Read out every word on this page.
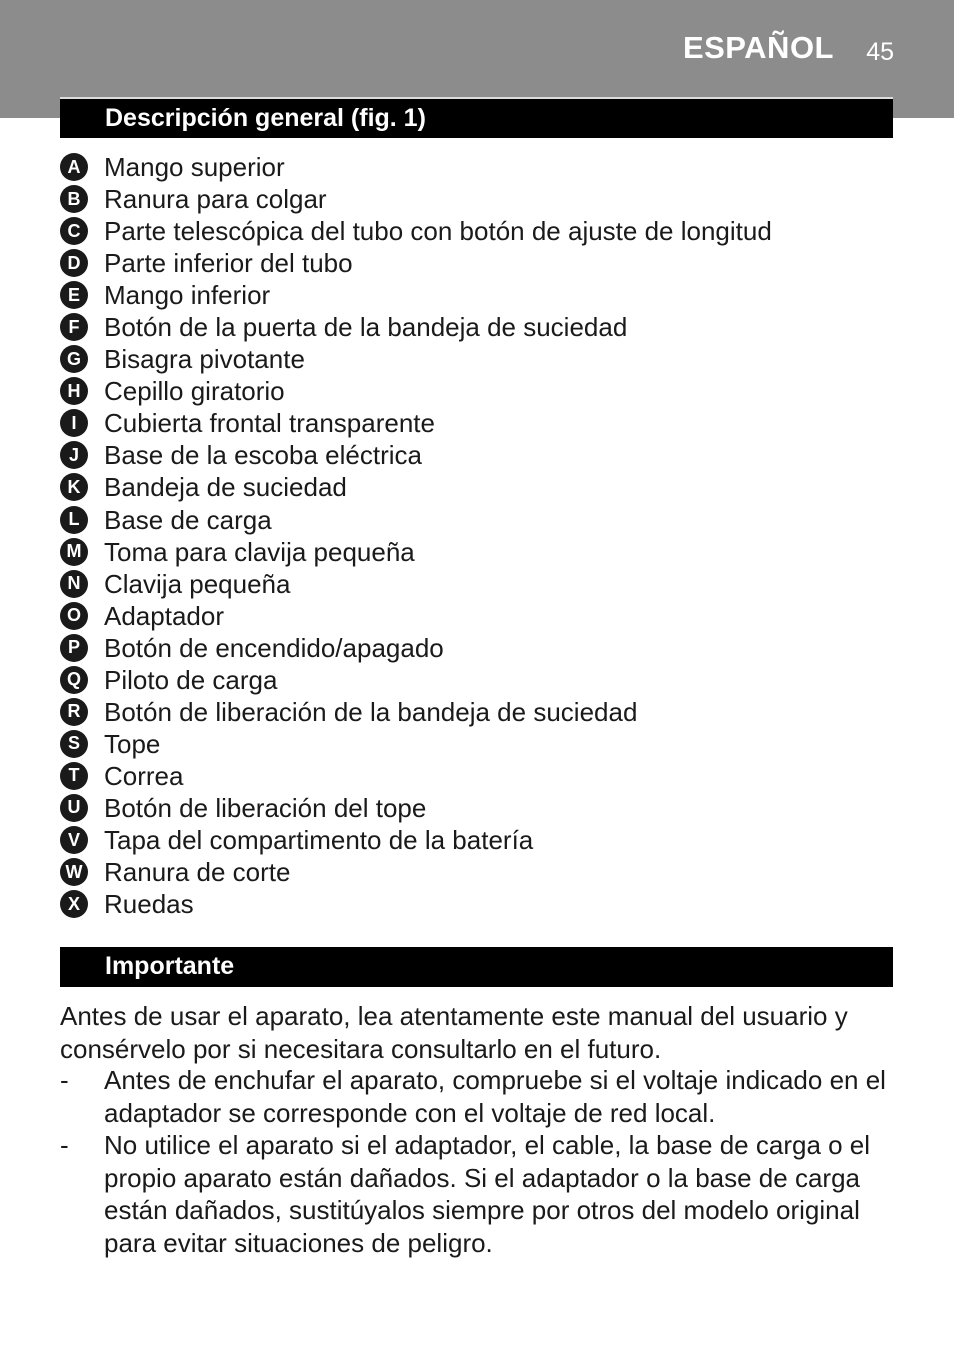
ESPAÑOL 45
Descripción general (fig. 1)
A Mango superior
B Ranura para colgar
C Parte telescópica del tubo con botón de ajuste de longitud
D Parte inferior del tubo
E Mango inferior
F Botón de la puerta de la bandeja de suciedad
G Bisagra pivotante
H Cepillo giratorio
I	Cubierta frontal transparente
J Base de la escoba eléctrica
K Bandeja de suciedad
L Base de carga
M Toma para clavija pequeña
N Clavija pequeña
O Adaptador
P Botón de encendido/apagado
Q Piloto de carga
R Botón de liberación de la bandeja de suciedad
S Tope
T Correa
U Botón de liberación del tope
V Tapa del compartimento de la batería
W Ranura de corte
X Ruedas
Importante

Antes de usar el aparato, lea atentamente este manual del usuario y consérvelo por si necesitara consultarlo en el futuro.

- Antes de enchufar el aparato, compruebe si el voltaje indicado en el adaptador se corresponde con el voltaje de red local.
- No utilice el aparato si el adaptador, el cable, la base de carga o el propio aparato están dañados. Si el adaptador o la base de carga están dañados, sustitúyalos siempre por otros del modelo original para evitar situaciones de peligro.
